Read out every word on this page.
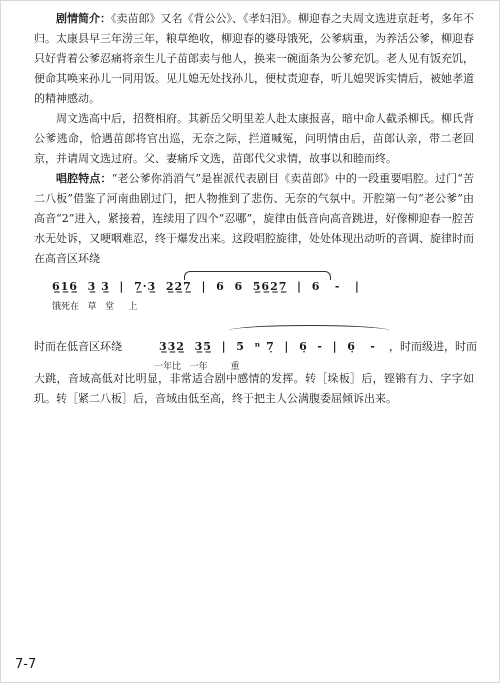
剧情简介：《卖苗郎》又名《背公公》、《孝妇泪》。柳迎春之夫周文选进京赶考，多年不归。太康县早三年涝三年，粮草绝收，柳迎春的婆母饿死，公爹病重，为养活公爹，柳迎春只好背着公爹忍痛将亲生儿子苗郎卖与他人，换来一碗面条为公爹充饥。老人见有饭充饥，便命其唤来孙儿一同用饭。见儿媳无处找孙儿，便杖责迎春，听儿媳哭诉实情后，被她孝道的精神感动。

周文选高中后，招赘相府。其新岳父明里差人赴太康报喜，暗中命人截杀柳氏。柳氏背公爹逃命，恰遇苗郎将官出巡，无奈之际，拦道喊冤，问明情由后，苗郎认亲，带二老回京，并请周文选过府。父、妻痛斥文选，苗郎代父求情，故事以和睦而终。

唱腔特点：“老公爹你消消气”是崔派代表剧目《卖苗郎》中的一段重要唱腔。过门“苦二八板”借鉴了河南曲剧过门，把人物推到了悲伤、无奈的气氛中。开腔第一句“老公爹”由高音“2”进入，紧接着，连续用了四个“忍哪”，旋律由低音向高音跳进，好像柳迎春一腔苦水无处诉，又哽咽难忍，终于爆发出来。这段唱腔旋律，处处体现出动听的音调、旋律时而在高音区环绕

6̲1̲6̲  3̲ 3̲  |  7̲·3̲  2̲2̲7̲  |  6  6  5̲6̲2̲7̲  |  6   -   |
饿死在   草   堂     上
时而在低音区环绕	3̲3̲2̲  3̲5̲  |  5  ⁿ 7̣  |  6̣  -  |  6̣   - ，时而级进，时而
一年比   一年        重

大跳，音域高低对比明显，非常适合剧中感情的发挥。转［垛板］后，铿锵有力、字字如玑。转［紧二八板］后，音域由低至高，终于把主人公满腹委屈倾诉出来。

7-7
